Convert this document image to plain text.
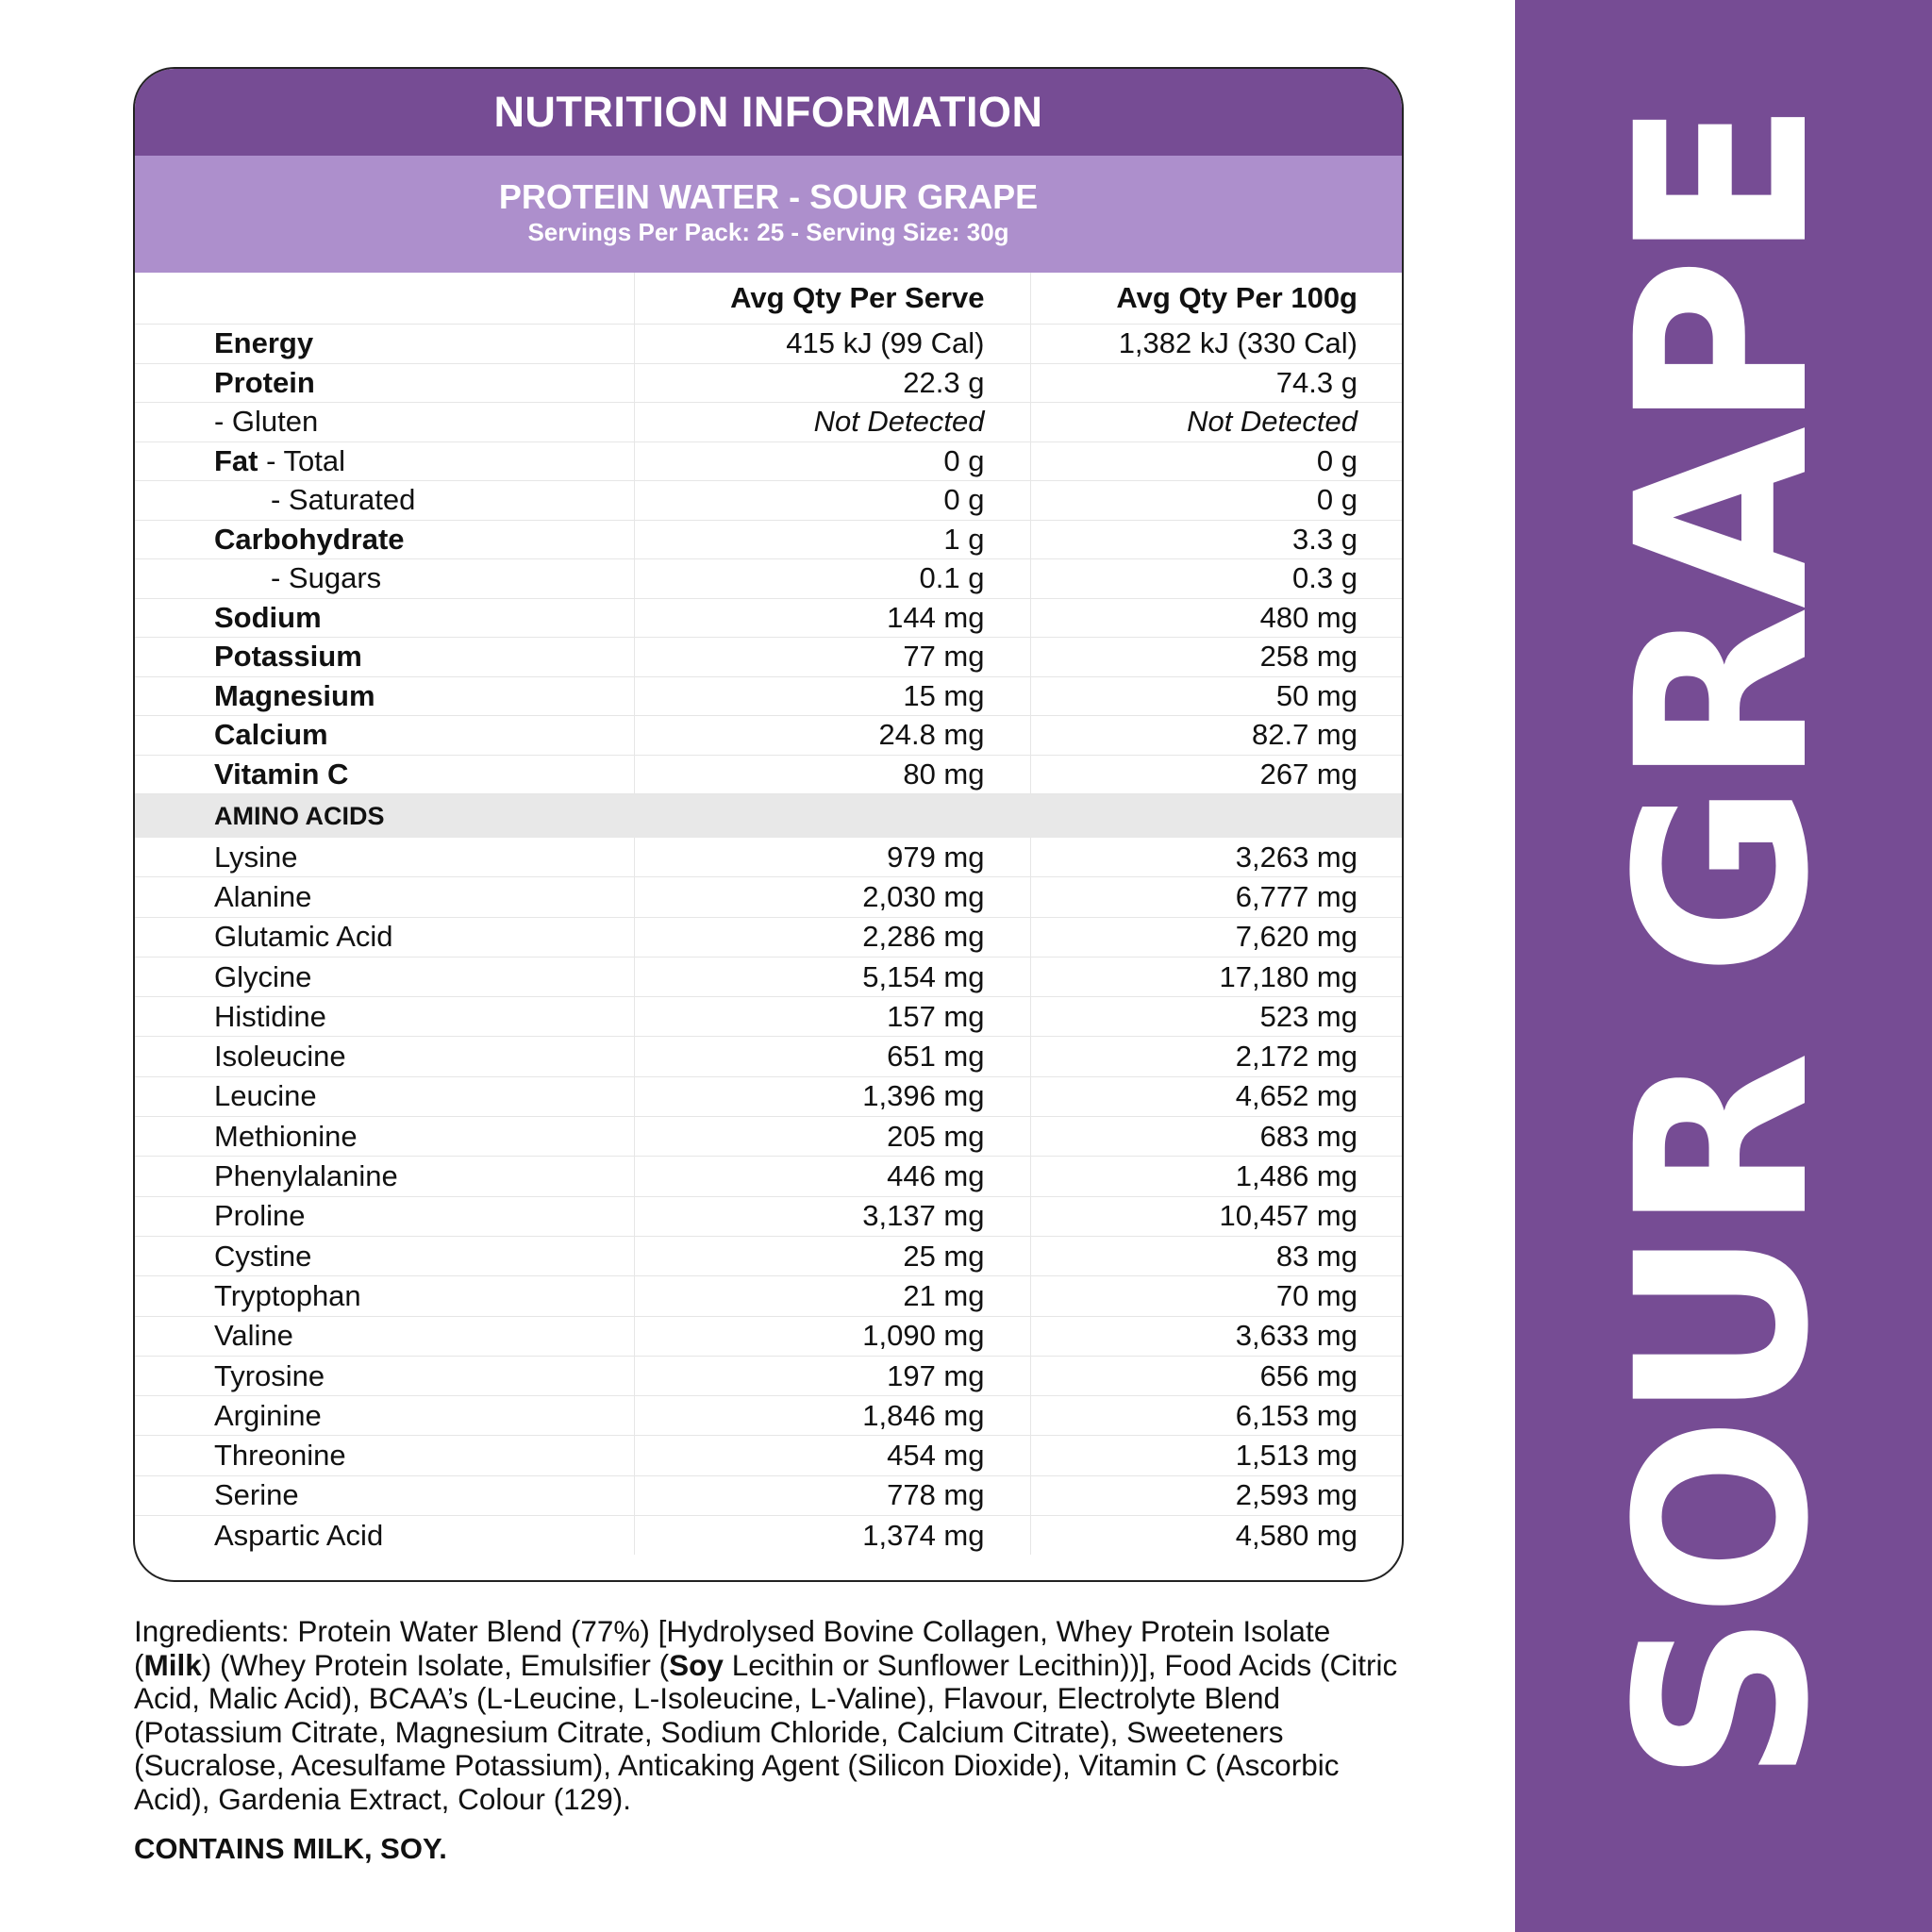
SOUR GRAPE
NUTRITION INFORMATION
PROTEIN WATER - SOUR GRAPE
Servings Per Pack: 25 - Serving Size: 30g
	Avg Qty Per Serve	Avg Qty Per 100g
Energy	415 kJ (99 Cal)	1,382 kJ (330 Cal)
Protein	22.3 g	74.3 g
- Gluten	Not Detected	Not Detected
Fat - Total	0 g	0 g
- Saturated	0 g	0 g
Carbohydrate	1 g	3.3 g
- Sugars	0.1 g	0.3 g
Sodium	144 mg	480 mg
Potassium	77 mg	258 mg
Magnesium	15 mg	50 mg
Calcium	24.8 mg	82.7 mg
Vitamin C	80 mg	267 mg
AMINO ACIDS		
Lysine	979 mg	3,263 mg
Alanine	2,030 mg	6,777 mg
Glutamic Acid	2,286 mg	7,620 mg
Glycine	5,154 mg	17,180 mg
Histidine	157 mg	523 mg
Isoleucine	651 mg	2,172 mg
Leucine	1,396 mg	4,652 mg
Methionine	205 mg	683 mg
Phenylalanine	446 mg	1,486 mg
Proline	3,137 mg	10,457 mg
Cystine	25 mg	83 mg
Tryptophan	21 mg	70 mg
Valine	1,090 mg	3,633 mg
Tyrosine	197 mg	656 mg
Arginine	1,846 mg	6,153 mg
Threonine	454 mg	1,513 mg
Serine	778 mg	2,593 mg
Aspartic Acid	1,374 mg	4,580 mg
Ingredients: Protein Water Blend (77%) [Hydrolysed Bovine Collagen, Whey Protein Isolate (Milk) (Whey Protein Isolate, Emulsifier (Soy Lecithin or Sunflower Lecithin))], Food Acids (Citric Acid, Malic Acid), BCAA’s (L-Leucine, L-Isoleucine, L-Valine), Flavour, Electrolyte Blend (Potassium Citrate, Magnesium Citrate, Sodium Chloride, Calcium Citrate), Sweeteners (Sucralose, Acesulfame Potassium), Anticaking Agent (Silicon Dioxide), Vitamin C (Ascorbic Acid), Gardenia Extract, Colour (129).
CONTAINS MILK, SOY.
